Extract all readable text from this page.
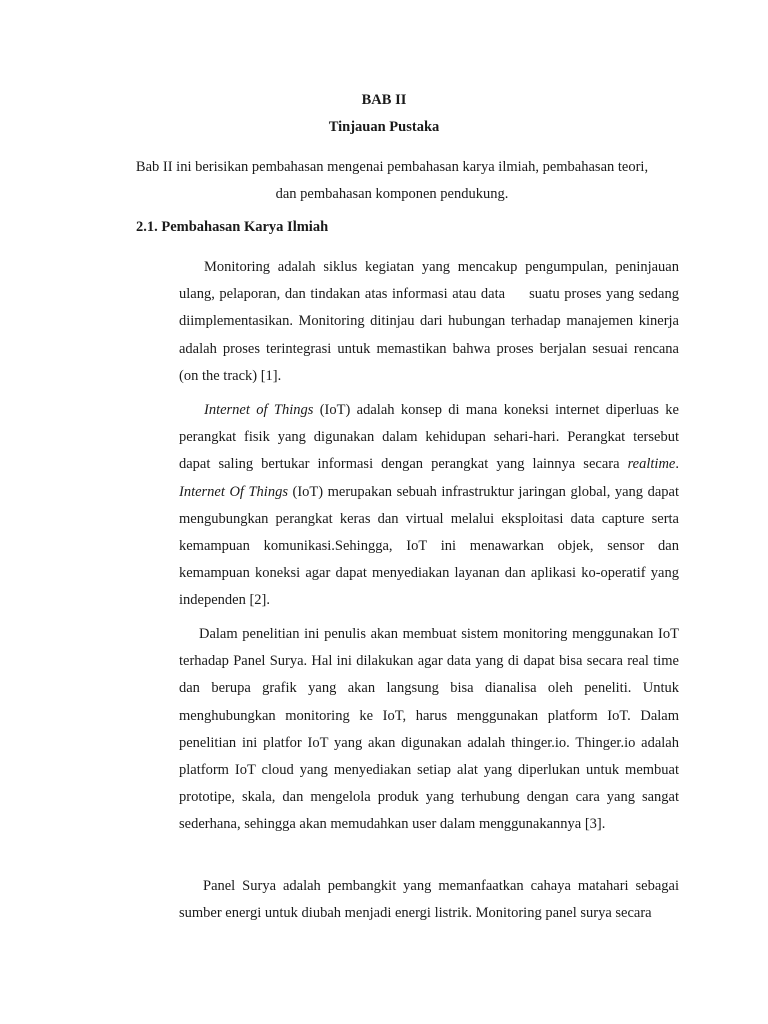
BAB II
Tinjauan Pustaka
Bab II ini berisikan pembahasan mengenai pembahasan karya ilmiah, pembahasan teori, dan pembahasan komponen pendukung.
2.1. Pembahasan Karya Ilmiah

Monitoring adalah siklus kegiatan yang mencakup pengumpulan, peninjauan ulang, pelaporan, dan tindakan atas informasi atau data suatu proses yang sedang diimplementasikan. Monitoring ditinjau dari hubungan terhadap manajemen kinerja adalah proses terintegrasi untuk memastikan bahwa proses berjalan sesuai rencana (on the track) [1].

Internet of Things (IoT) adalah konsep di mana koneksi internet diperluas ke perangkat fisik yang digunakan dalam kehidupan sehari-hari. Perangkat tersebut dapat saling bertukar informasi dengan perangkat yang lainnya secara realtime. Internet Of Things (IoT) merupakan sebuah infrastruktur jaringan global, yang dapat mengubungkan perangkat keras dan virtual melalui eksploitasi data capture serta kemampuan komunikasi.Sehingga, IoT ini menawarkan objek, sensor dan kemampuan koneksi agar dapat menyediakan layanan dan aplikasi ko-operatif yang independen [2].

Dalam penelitian ini penulis akan membuat sistem monitoring menggunakan IoT terhadap Panel Surya. Hal ini dilakukan agar data yang di dapat bisa secara real time dan berupa grafik yang akan langsung bisa dianalisa oleh peneliti. Untuk menghubungkan monitoring ke IoT, harus menggunakan platform IoT. Dalam penelitian ini platfor IoT yang akan digunakan adalah thinger.io. Thinger.io adalah platform IoT cloud yang menyediakan setiap alat yang diperlukan untuk membuat prototipe, skala, dan mengelola produk yang terhubung dengan cara yang sangat sederhana, sehingga akan memudahkan user dalam menggunakannya [3].

Panel Surya adalah pembangkit yang memanfaatkan cahaya matahari sebagai sumber energi untuk diubah menjadi energi listrik. Monitoring panel surya secara
